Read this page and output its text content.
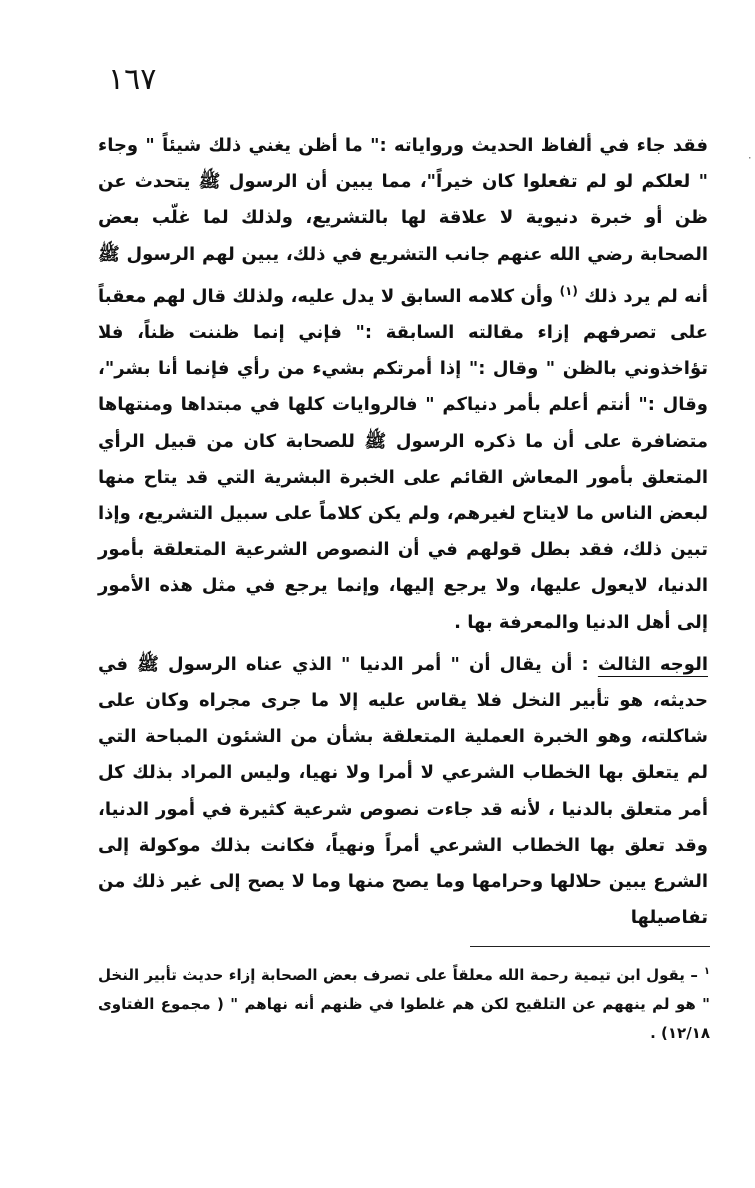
١٦٧
٠

فقد جاء في ألفاظ الحديث ورواياته :" ما أظن يغني ذلك شيئاً " وجاء " لعلكم لو لم تفعلوا كان خيراً"، مما يبين أن الرسول ﷺ يتحدث عن ظن أو خبرة دنيوية لا علاقة لها بالتشريع، ولذلك لما غلّب بعض الصحابة رضي الله عنهم جانب التشريع في ذلك، يبين لهم الرسول ﷺ أنه لم يرد ذلك $^{(١)}$ وأن كلامه السابق لا يدل عليه، ولذلك قال لهم معقباً على تصرفهم إزاء مقالته السابقة :" فإني إنما ظننت ظناً، فلا تؤاخذوني بالظن " وقال :" إذا أمرتكم بشيء من رأي فإنما أنا بشر"، وقال :" أنتم أعلم بأمر دنياكم " فالروايات كلها في مبتداها ومنتهاها متضافرة على أن ما ذكره الرسول ﷺ للصحابة كان من قبيل الرأي المتعلق بأمور المعاش القائم على الخبرة البشرية التي قد يتاح منها لبعض الناس ما لايتاح لغيرهم، ولم يكن كلاماً على سبيل التشريع، وإذا تبين ذلك، فقد بطل قولهم في أن النصوص الشرعية المتعلقة بأمور الدنيا، لايعول عليها، ولا يرجع إليها، وإنما يرجع في مثل هذه الأمور إلى أهل الدنيا والمعرفة بها .

الوجه الثالث : أن يقال أن " أمر الدنيا " الذي عناه الرسول ﷺ في حديثه، هو تأبير النخل فلا يقاس عليه إلا ما جرى مجراه وكان على شاكلته، وهو الخبرة العملية المتعلقة بشأن من الشئون المباحة التي لم يتعلق بها الخطاب الشرعي لا أمرا ولا نهيا، وليس المراد بذلك كل أمر متعلق بالدنيا ، لأنه قد جاءت نصوص شرعية كثيرة في أمور الدنيا، وقد تعلق بها الخطاب الشرعي أمراً ونهياً، فكانت بذلك موكولة إلى الشرع يبين حلالها وحرامها وما يصح منها وما لا يصح إلى غير ذلك من تفاصيلها

$^١$– يقول ابن تيمية رحمة الله معلقاً على تصرف بعض الصحابة إزاء حديث تأبير النخل " هو لم ينههم عن التلقيح لكن هم غلطوا في ظنهم أنه نهاهم " ( مجموع الفتاوى ١٢/١٨) .
